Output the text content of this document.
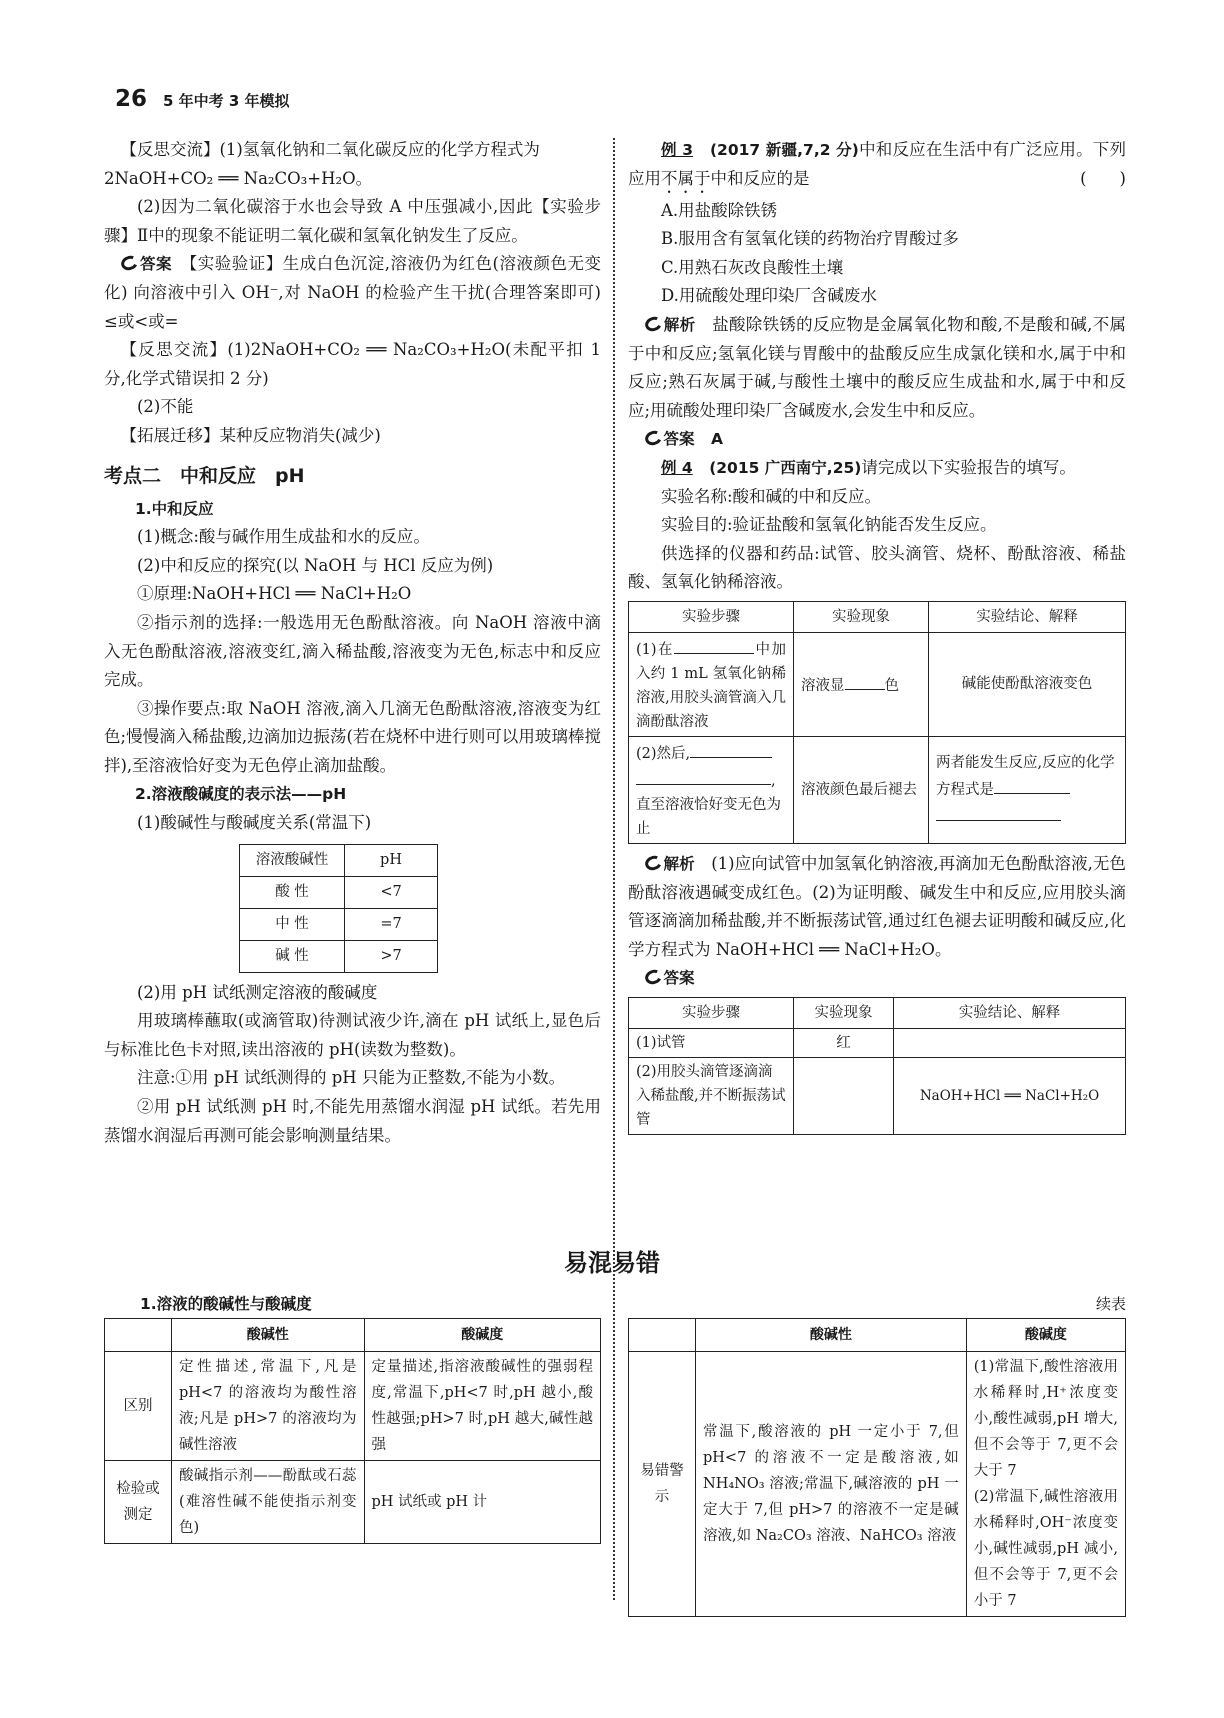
26 5 年中考 3 年模拟

【反思交流】(1)氢氧化钠和二氧化碳反应的化学方程式为

2NaOH+CO₂ ══ Na₂CO₃+H₂O。

(2)因为二氧化碳溶于水也会导致 A 中压强减小,因此【实验步骤】Ⅱ中的现象不能证明二氧化碳和氢氧化钠发生了反应。

答案　 【实验验证】生成白色沉淀,溶液仍为红色(溶液颜色无变化) 向溶液中引入 OH⁻,对 NaOH 的检验产生干扰(合理答案即可) ≤或<或=

【反思交流】(1)2NaOH+CO₂ ══ Na₂CO₃+H₂O(未配平扣 1 分,化学式错误扣 2 分)

(2)不能

【拓展迁移】某种反应物消失(减少)

考点二　中和反应　pH
1.中和反应

(1)概念:酸与碱作用生成盐和水的反应。

(2)中和反应的探究(以 NaOH 与 HCl 反应为例)

①原理:NaOH+HCl ══ NaCl+H₂O

②指示剂的选择:一般选用无色酚酞溶液。向 NaOH 溶液中滴入无色酚酞溶液,溶液变红,滴入稀盐酸,溶液变为无色,标志中和反应完成。

③操作要点:取 NaOH 溶液,滴入几滴无色酚酞溶液,溶液变为红色;慢慢滴入稀盐酸,边滴加边振荡(若在烧杯中进行则可以用玻璃棒搅拌),至溶液恰好变为无色停止滴加盐酸。

2.溶液酸碱度的表示法——pH

(1)酸碱性与酸碱度关系(常温下)

溶液酸碱性	pH
酸 性	<7
中 性	=7
碱 性	>7

(2)用 pH 试纸测定溶液的酸碱度

用玻璃棒蘸取(或滴管取)待测试液少许,滴在 pH 试纸上,显色后与标准比色卡对照,读出溶液的 pH(读数为整数)。

注意:①用 pH 试纸测得的 pH 只能为正整数,不能为小数。

②用 pH 试纸测 pH 时,不能先用蒸馏水润湿 pH 试纸。若先用蒸馏水润湿后再测可能会影响测量结果。

例 3　 (2017 新疆,7,2 分)中和反应在生活中有广泛应用。下列应用不属于中和反应的是	(　　)

A.用盐酸除铁锈

B.服用含有氢氧化镁的药物治疗胃酸过多

C.用熟石灰改良酸性土壤

D.用硫酸处理印染厂含碱废水

解析　 盐酸除铁锈的反应物是金属氧化物和酸,不是酸和碱,不属于中和反应;氢氧化镁与胃酸中的盐酸反应生成氯化镁和水,属于中和反应;熟石灰属于碱,与酸性土壤中的酸反应生成盐和水,属于中和反应;用硫酸处理印染厂含碱废水,会发生中和反应。

答案　 A

例 4　 (2015 广西南宁,25)请完成以下实验报告的填写。

实验名称:酸和碱的中和反应。

实验目的:验证盐酸和氢氧化钠能否发生反应。

供选择的仪器和药品:试管、胶头滴管、烧杯、酚酞溶液、稀盐酸、氢氧化钠稀溶液。

实验步骤	实验现象	实验结论、解释
(1)在 中加入约 1 mL 氢氧化钠稀溶液,用胶头滴管滴入几滴酚酞溶液	溶液显 色	碱能使酚酞溶液变色
(2)然后,
,
直至溶液恰好变无色为止	溶液颜色最后褪去	两者能发生反应,反应的化学方程式是

解析　 (1)应向试管中加氢氧化钠溶液,再滴加无色酚酞溶液,无色酚酞溶液遇碱变成红色。(2)为证明酸、碱发生中和反应,应用胶头滴管逐滴滴加稀盐酸,并不断振荡试管,通过红色褪去证明酸和碱反应,化学方程式为 NaOH+HCl ══ NaCl+H₂O。

答案

实验步骤	实验现象	实验结论、解释
(1)试管	红	
(2)用胶头滴管逐滴滴入稀盐酸,并不断振荡试管		NaOH+HCl ══ NaCl+H₂O
易混易错
1.溶液的酸碱性与酸碱度
	酸碱性	酸碱度
区别	定性描述,常温下,凡是 pH<7 的溶液均为酸性溶液;凡是 pH>7 的溶液均为碱性溶液	定量描述,指溶液酸碱性的强弱程度,常温下,pH<7 时,pH 越小,酸性越强;pH>7 时,pH 越大,碱性越强
检验或测定	酸碱指示剂——酚酞或石蕊(难溶性碱不能使指示剂变色)	pH 试纸或 pH 计
续表
	酸碱性	酸碱度
易错警示	常温下,酸溶液的 pH 一定小于 7,但 pH<7 的溶液不一定是酸溶液,如 NH₄NO₃ 溶液;常温下,碱溶液的 pH 一定大于 7,但 pH>7 的溶液不一定是碱溶液,如 Na₂CO₃ 溶液、NaHCO₃ 溶液	(1)常温下,酸性溶液用水稀释时,H⁺浓度变小,酸性减弱,pH 增大,但不会等于 7,更不会大于 7
(2)常温下,碱性溶液用水稀释时,OH⁻浓度变小,碱性减弱,pH 减小,但不会等于 7,更不会小于 7
